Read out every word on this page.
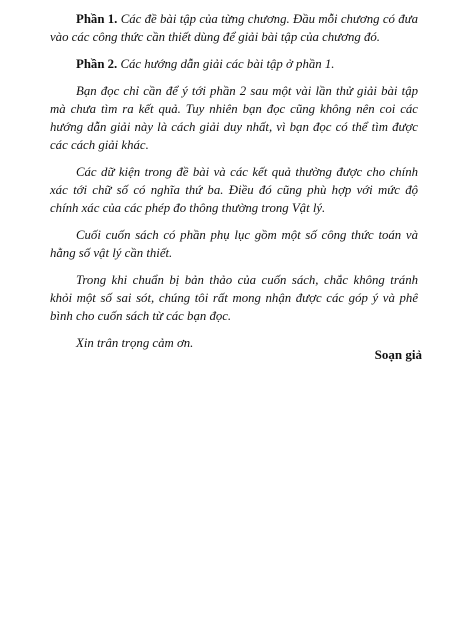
Phần 1. Các đề bài tập của từng chương. Đầu mỗi chương có đưa vào các công thức cần thiết dùng để giải bài tập của chương đó.

Phần 2. Các hướng dẫn giải các bài tập ở phần 1.

Bạn đọc chỉ cần để ý tới phần 2 sau một vài lần thử giải bài tập mà chưa tìm ra kết quả. Tuy nhiên bạn đọc cũng không nên coi các hướng dẫn giải này là cách giải duy nhất, vì bạn đọc có thể tìm được các cách giải khác.

Các dữ kiện trong đề bài và các kết quả thường được cho chính xác tới chữ số có nghĩa thứ ba. Điều đó cũng phù hợp với mức độ chính xác của các phép đo thông thường trong Vật lý.

Cuối cuốn sách có phần phụ lục gồm một số công thức toán và hằng số vật lý cần thiết.

Trong khi chuẩn bị bản thảo của cuốn sách, chắc không tránh khỏi một số sai sót, chúng tôi rất mong nhận được các góp ý và phê bình cho cuốn sách từ các bạn đọc.

Xin trân trọng cảm ơn.

Soạn giả
